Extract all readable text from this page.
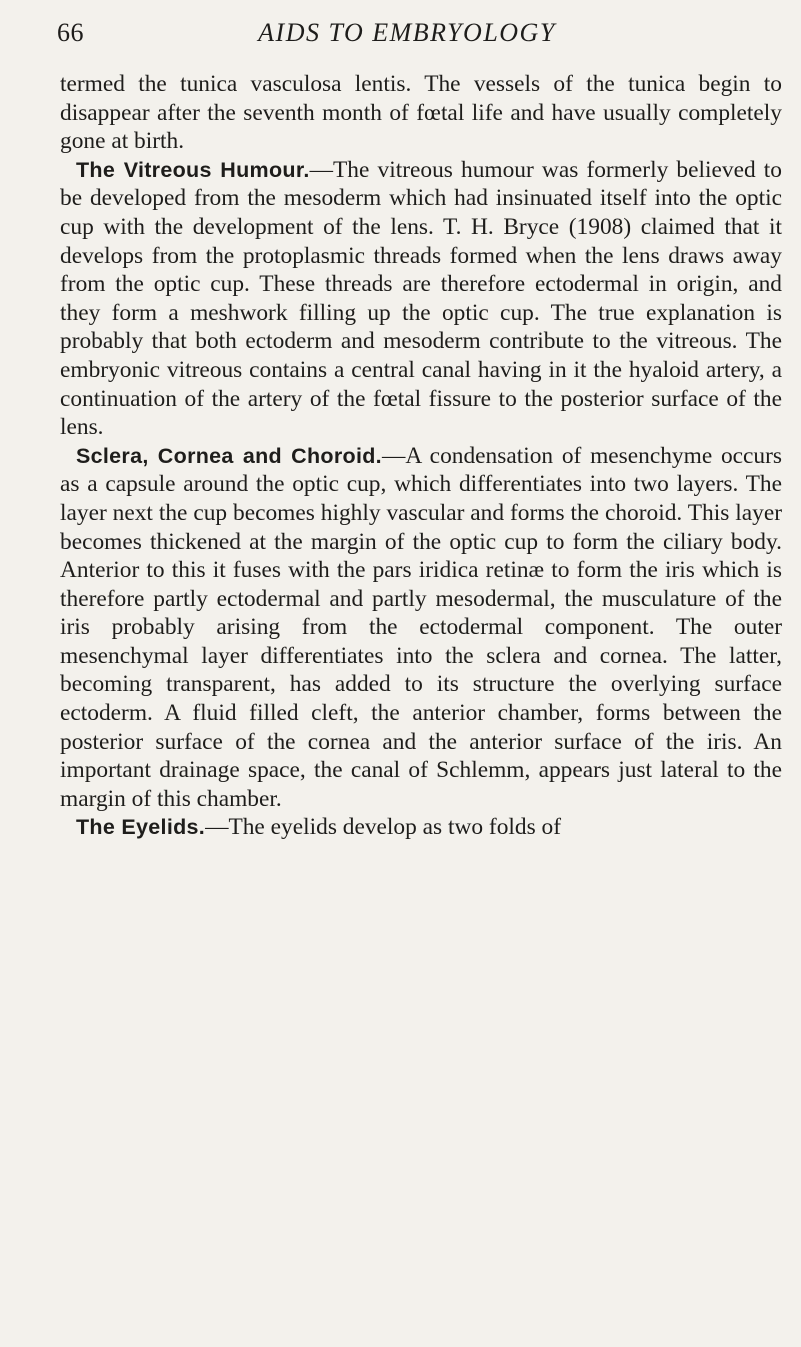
66	AIDS TO EMBRYOLOGY

termed the tunica vasculosa lentis. The vessels of the tunica begin to disappear after the seventh month of fœtal life and have usually completely gone at birth.

The Vitreous Humour.—The vitreous humour was formerly believed to be developed from the mesoderm which had insinuated itself into the optic cup with the development of the lens. T. H. Bryce (1908) claimed that it develops from the protoplasmic threads formed when the lens draws away from the optic cup. These threads are therefore ectodermal in origin, and they form a meshwork filling up the optic cup. The true explanation is probably that both ectoderm and mesoderm contribute to the vitreous. The embryonic vitreous contains a central canal having in it the hyaloid artery, a continuation of the artery of the fœtal fissure to the posterior surface of the lens.

Sclera, Cornea and Choroid.—A condensation of mesenchyme occurs as a capsule around the optic cup, which differentiates into two layers. The layer next the cup becomes highly vascular and forms the choroid. This layer becomes thickened at the margin of the optic cup to form the ciliary body. Anterior to this it fuses with the pars iridica retinæ to form the iris which is therefore partly ectodermal and partly mesodermal, the musculature of the iris probably arising from the ectodermal component. The outer mesenchymal layer differentiates into the sclera and cornea. The latter, becoming transparent, has added to its structure the overlying surface ectoderm. A fluid filled cleft, the anterior chamber, forms between the posterior surface of the cornea and the anterior surface of the iris. An important drainage space, the canal of Schlemm, appears just lateral to the margin of this chamber.

The Eyelids.—The eyelids develop as two folds of
